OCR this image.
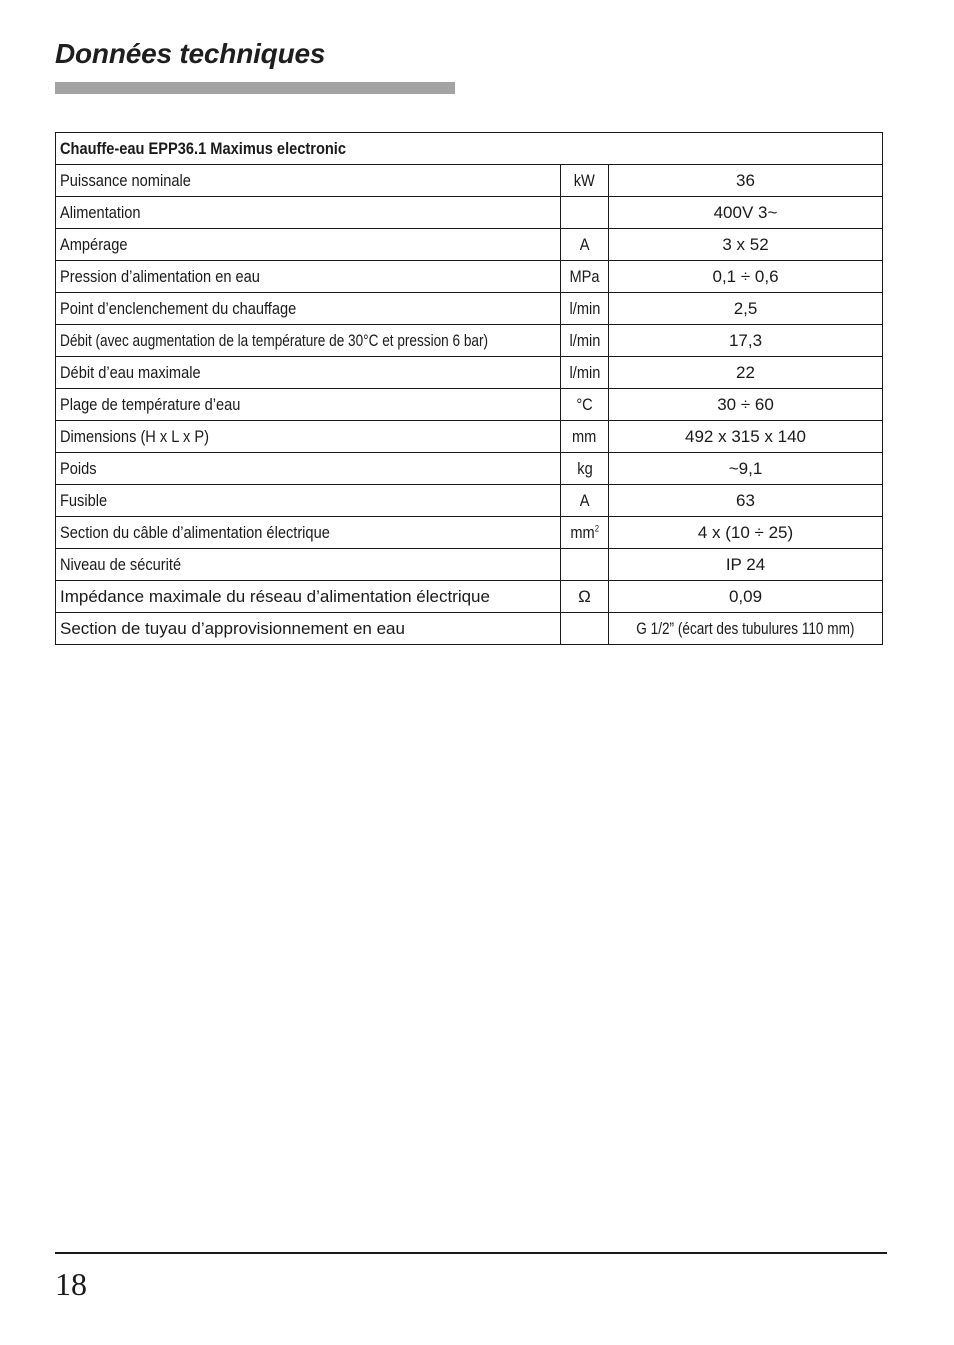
Données techniques
Chauffe-eau EPP36.1 Maximus electronic		
Puissance nominale	kW	36
Alimentation		400V 3~
Ampérage	A	3 x 52
Pression d’alimentation en eau	MPa	0,1 ÷ 0,6
Point d’enclenchement du chauffage	l/min	2,5
Débit (avec augmentation de la température de 30°C et pression 6 bar)	l/min	17,3
Débit d’eau maximale	l/min	22
Plage de température d’eau	°C	30 ÷ 60
Dimensions (H x L x P)	mm	492 x 315 x 140
Poids	kg	~9,1
Fusible	A	63
Section du câble d’alimentation électrique	$mm^2$	4 x (10 ÷ 25)
Niveau de sécurité		IP 24
Impédance maximale du réseau d’alimentation électrique	Ω	0,09
Section de tuyau d’approvisionnement en eau		G 1/2” (écart des tubulures 110 mm)
18
